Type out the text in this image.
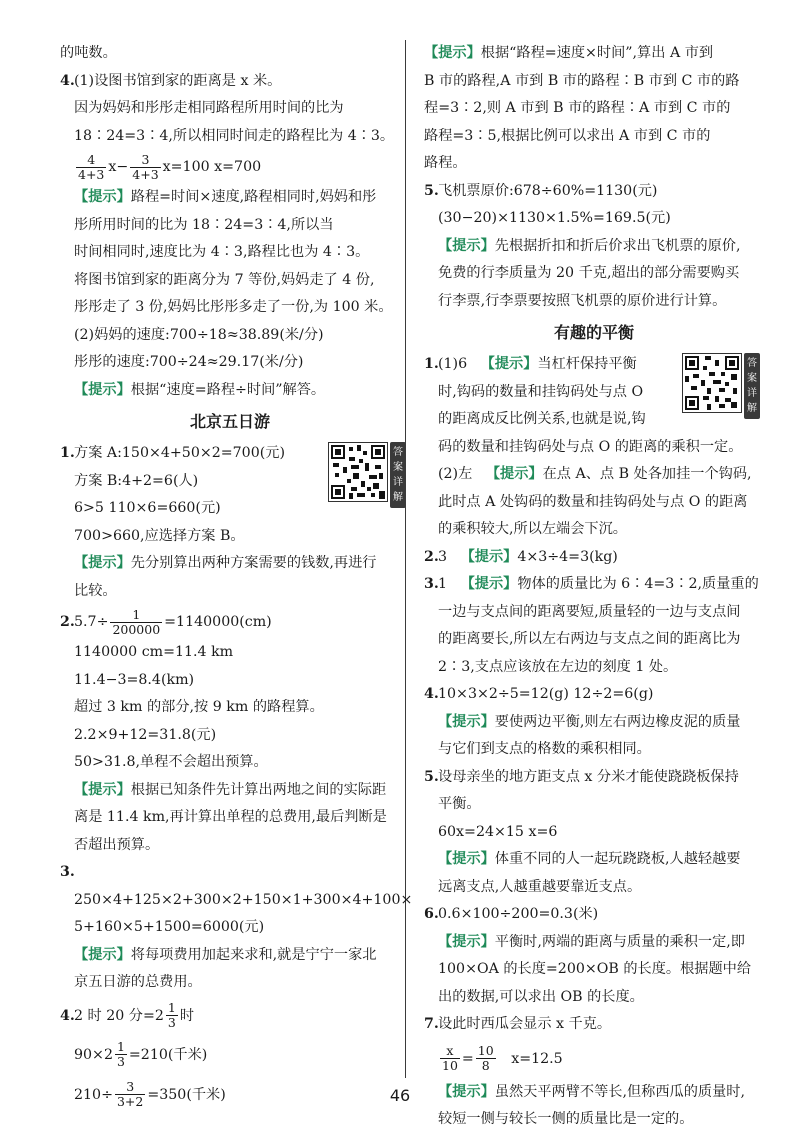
的吨数。
4.(1)设图书馆到家的距离是 x 米。
因为妈妈和彤彤走相同路程所用时间的比为
18∶24=3∶4,所以相同时间走的路程比为 4∶3。
$\frac{4}{4+3} x- \frac{3}{4+3} x=100$ x=700
【提示】路程=时间×速度,路程相同时,妈妈和彤
彤所用时间的比为 18∶24=3∶4,所以当
时间相同时,速度比为 4∶3,路程比也为 4∶3。
将图书馆到家的距离分为 7 等份,妈妈走了 4 份,
彤彤走了 3 份,妈妈比彤彤多走了一份,为 100 米。
(2)妈妈的速度:700÷18≈38.89(米/分)
彤彤的速度:700÷24≈29.17(米/分)
【提示】根据“速度=路程÷时间”解答。
北京五日游
答案详解
1.方案 A:150×4+50×2=700(元)
方案 B:4+2=6(人)
6>5 110×6=660(元)
700>660,应选择方案 B。
【提示】先分别算出两种方案需要的钱数,再进行
比较。
$2.5.7\div \frac{1}{200000} =1140000(cm)$
1140000 cm=11.4 km
11.4−3=8.4(km)
超过 3 km 的部分,按 9 km 的路程算。
2.2×9+12=31.8(元)
50>31.8,单程不会超出预算。
【提示】根据已知条件先计算出两地之间的实际距
离是 11.4 km,再计算出单程的总费用,最后判断是
否超出预算。
3.250×4+125×2+300×2+150×1+300×4+100×
5+160×5+1500=6000(元)
【提示】将每项费用加起来求和,就是宁宁一家北
京五日游的总费用。
4.2 时 20 分$=2 \frac{1}{3}$ 时
$90\times 2 \frac{1}{3} =210$(千米)
$210\div \frac{3}{3+2} =350$(千米)
【提示】根据“路程=速度×时间”,算出 A 市到
B 市的路程,A 市到 B 市的路程∶B 市到 C 市的路
程=3∶2,则 A 市到 B 市的路程∶A 市到 C 市的
路程=3∶5,根据比例可以求出 A 市到 C 市的
路程。
5.飞机票原价:678÷60%=1130(元)
(30−20)×1130×1.5%=169.5(元)
【提示】先根据折扣和折后价求出飞机票的原价,
免费的行李质量为 20 千克,超出的部分需要购买
行李票,行李票要按照飞机票的原价进行计算。
有趣的平衡
答案详解
1.(1)6 【提示】当杠杆保持平衡
时,钩码的数量和挂钩码处与点 O
的距离成反比例关系,也就是说,钩
码的数量和挂钩码处与点 O 的距离的乘积一定。
(2)左 【提示】在点 A、点 B 处各加挂一个钩码,
此时点 A 处钩码的数量和挂钩码处与点 O 的距离
的乘积较大,所以左端会下沉。
2.3 【提示】4×3÷4=3(kg)
3.1 【提示】物体的质量比为 6∶4=3∶2,质量重的
一边与支点间的距离要短,质量轻的一边与支点间
的距离要长,所以左右两边与支点之间的距离比为
2∶3,支点应该放在左边的刻度 1 处。
4.10×3×2÷5=12(g) 12÷2=6(g)
【提示】要使两边平衡,则左右两边橡皮泥的质量
与它们到支点的格数的乘积相同。
5.设母亲坐的地方距支点 x 分米才能使跷跷板保持
平衡。
60x=24×15 x=6
【提示】体重不同的人一起玩跷跷板,人越轻越要
远离支点,人越重越要靠近支点。
6.0.6×100÷200=0.3(米)
【提示】平衡时,两端的距离与质量的乘积一定,即
100×OA 的长度=200×OB 的长度。根据题中给
出的数据,可以求出 OB 的长度。
7.设此时西瓜会显示 x 千克。
$\frac{x}{10} = \frac{10}{8} x=12.5$
【提示】虽然天平两臂不等长,但称西瓜的质量时,
较短一侧与较长一侧的质量比是一定的。
46
